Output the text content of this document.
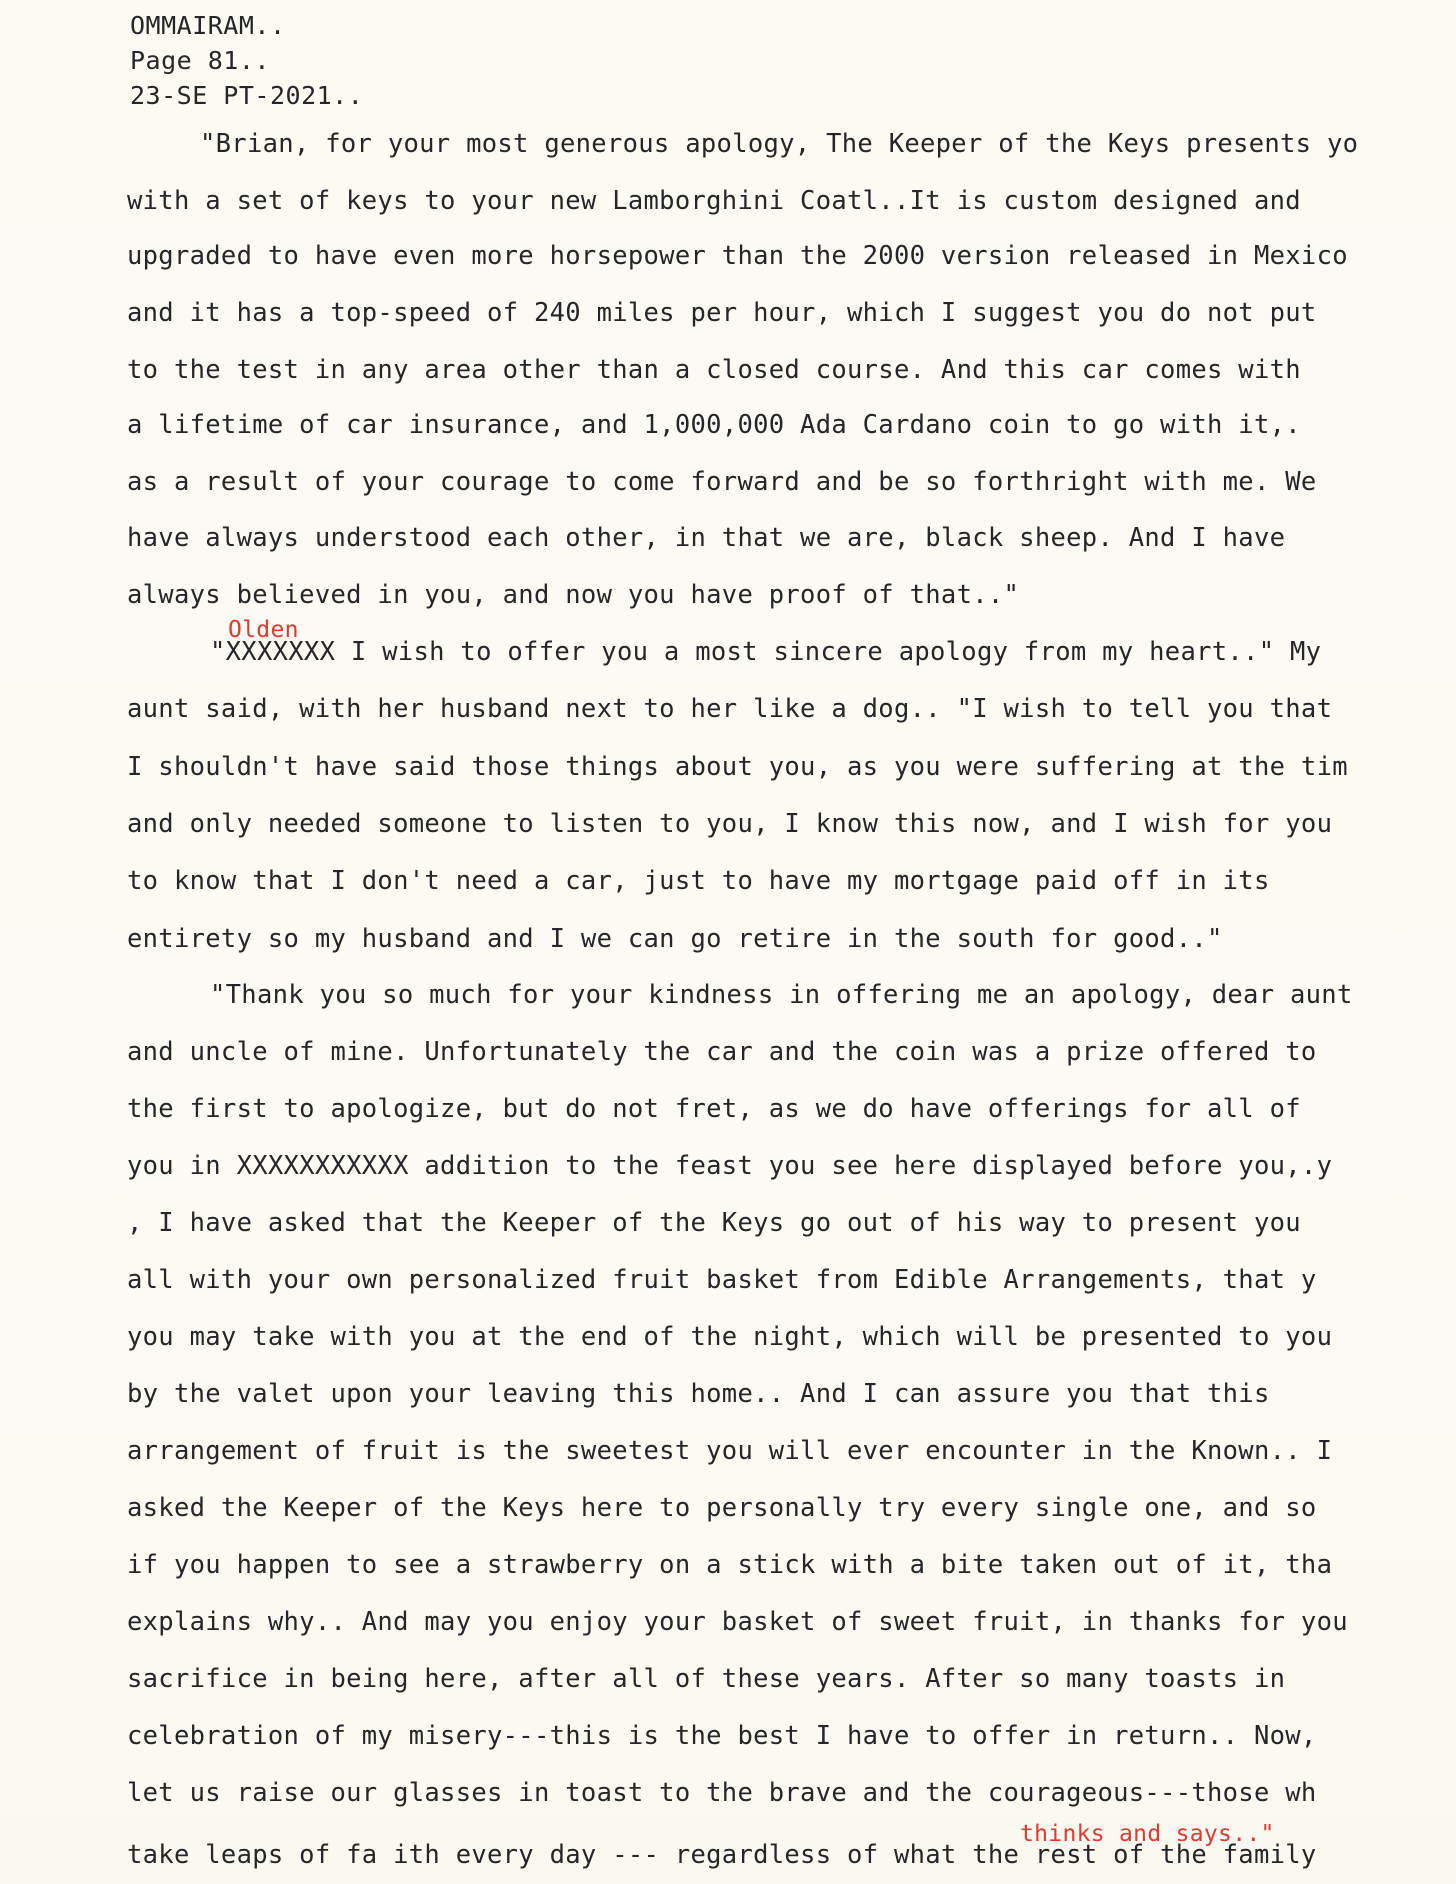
OMMAIRAM..
Page 81..
23-SE PT-2021..
"Brian, for your most generous apology, The Keeper of the Keys presents yo
with a set of keys to your new Lamborghini Coatl..It is custom designed and
upgraded to have even more horsepower than the 2000 version released in Mexico
and it has a top-speed of 240 miles per hour, which I suggest you do not put
to the test in any area other than a closed course. And this car comes with
a lifetime of car insurance, and 1,000,000 Ada Cardano coin to go with it,.
as a result of your courage to come forward and be so forthright with me. We
have always understood each other, in that we are, black sheep. And I have
always believed in you, and now you have proof of that.."
"XXXXXXX I wish to offer you a most sincere apology from my heart.." My
aunt said, with her husband next to her like a dog.. "I wish to tell you that
I shouldn't have said those things about you, as you were suffering at the tim
and only needed someone to listen to you, I know this now, and I wish for you
to know that I don't need a car, just to have my mortgage paid off in its
entirety so my husband and I we can go retire in the south for good.."
"Thank you so much for your kindness in offering me an apology, dear aunt
and uncle of mine. Unfortunately the car and the coin was a prize offered to
the first to apologize, but do not fret, as we do have offerings for all of
you in XXXXXXXXXXX addition to the feast you see here displayed before you,.y
, I have asked that the Keeper of the Keys go out of his way to present you
all with your own personalized fruit basket from Edible Arrangements, that y
you may take with you at the end of the night, which will be presented to you
by the valet upon your leaving this home.. And I can assure you that this
arrangement of fruit is the sweetest you will ever encounter in the Known.. I
asked the Keeper of the Keys here to personally try every single one, and so
if you happen to see a strawberry on a stick with a bite taken out of it, tha
explains why.. And may you enjoy your basket of sweet fruit, in thanks for you
sacrifice in being here, after all of these years. After so many toasts in
celebration of my misery---this is the best I have to offer in return.. Now,
let us raise our glasses in toast to the brave and the courageous---those wh
take leaps of fa ith every day --- regardless of what the rest of the family
Olden
thinks and says.."
